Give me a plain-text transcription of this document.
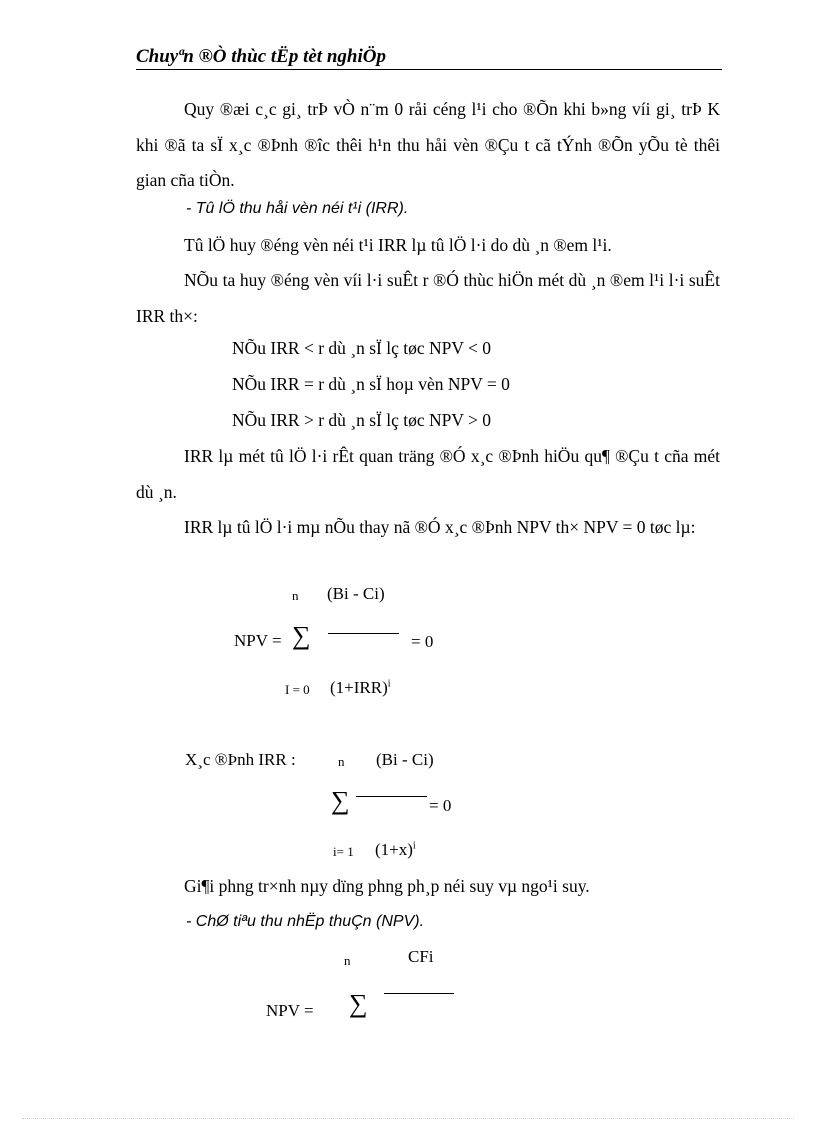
Chuyªn ®Ò thùc tËp tèt nghiÖp
Quy ®æi c¸c gi¸ trÞ vÒ n¨m 0 råi céng l¹i cho ®Õn khi b»ng víi gi¸ trÞ K khi ®ã ta sÏ x¸c ®Þnh ®îc thêi h¹n thu håi vèn ®Çu t cã tÝnh ®Õn yÕu tè thêi gian cña tiÒn.
- Tû lÖ thu håi vèn néi t¹i (IRR).
Tû lÖ huy ®éng vèn néi t¹i IRR lµ tû lÖ l·i do dù ¸n ®em l¹i.
NÕu ta huy ®éng vèn víi l·i suÊt r ®Ó thùc hiÖn mét dù ¸n ®em l¹i l·i suÊt IRR th×:
NÕu IRR < r dù ¸n sÏ lç tøc NPV < 0
NÕu IRR = r dù ¸n sÏ hoµ vèn NPV = 0
NÕu IRR > r dù ¸n sÏ lç tøc NPV > 0
IRR lµ mét tû lÖ l·i rÊt quan träng ®Ó x¸c ®Þnh hiÖu qu¶ ®Çu t cña mét dù ¸n.
IRR lµ tû lÖ l·i mµ nÕu thay nã ®Ó x¸c ®Þnh NPV th× NPV = 0 tøc lµ:
n (Bi - Ci)
NPV = ∑	= 0
I = 0 $(1+IRR)^i$
X¸c ®Þnh IRR :	n (Bi - Ci)
∑	= 0
i= 1 $(1+x)^i$
Gi¶i phng tr×nh nµy dïng phng ph¸p néi suy vµ ngo¹i suy.
- ChØ tiªu thu nhËp thuÇn (NPV).
n	CFi
NPV = ∑
